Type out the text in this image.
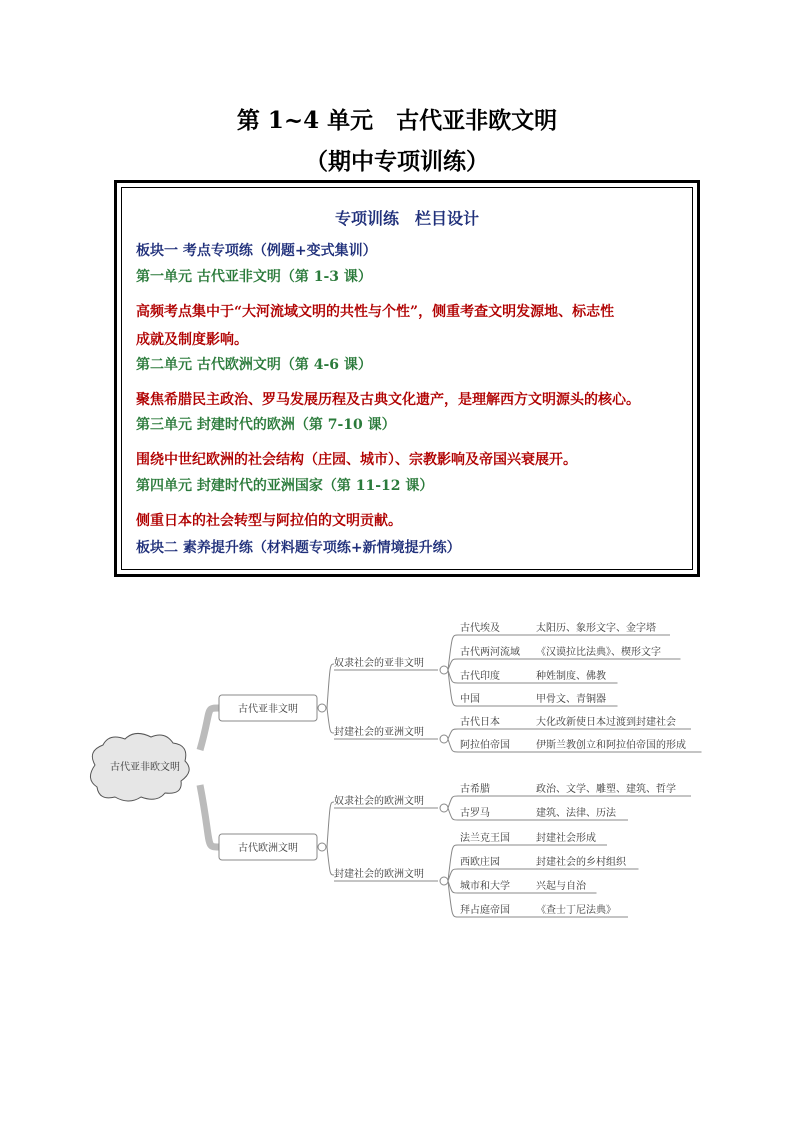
第 1~4 单元　古代亚非欧文明
（期中专项训练）
专项训练　栏目设计
板块一 考点专项练（例题+变式集训）
第一单元 古代亚非文明（第 1-3 课）
高频考点集中于“大河流域文明的共性与个性”，侧重考查文明发源地、标志性
成就及制度影响。
第二单元 古代欧洲文明（第 4-6 课）
聚焦希腊民主政治、罗马发展历程及古典文化遗产，是理解西方文明源头的核心。
第三单元 封建时代的欧洲（第 7-10 课）
围绕中世纪欧洲的社会结构（庄园、城市）、宗教影响及帝国兴衰展开。
第四单元 封建时代的亚洲国家（第 11-12 课）
侧重日本的社会转型与阿拉伯的文明贡献。
板块二 素养提升练（材料题专项练+新情境提升练）
古代亚非欧文明
古代亚非文明
奴隶社会的亚非文明
古代埃及	太阳历、象形文字、金字塔
古代两河流域 《汉谟拉比法典》、楔形文字
古代印度	种姓制度、佛教
中国	甲骨文、青铜器
封建社会的亚洲文明
古代日本	大化改新使日本过渡到封建社会
阿拉伯帝国	伊斯兰教创立和阿拉伯帝国的形成
古代欧洲文明
奴隶社会的欧洲文明
古希腊	政治、文学、雕塑、建筑、哲学
古罗马	建筑、法律、历法
封建社会的欧洲文明
法兰克王国	封建社会形成
西欧庄园	封建社会的乡村组织
城市和大学	兴起与自治
拜占庭帝国	《查士丁尼法典》
